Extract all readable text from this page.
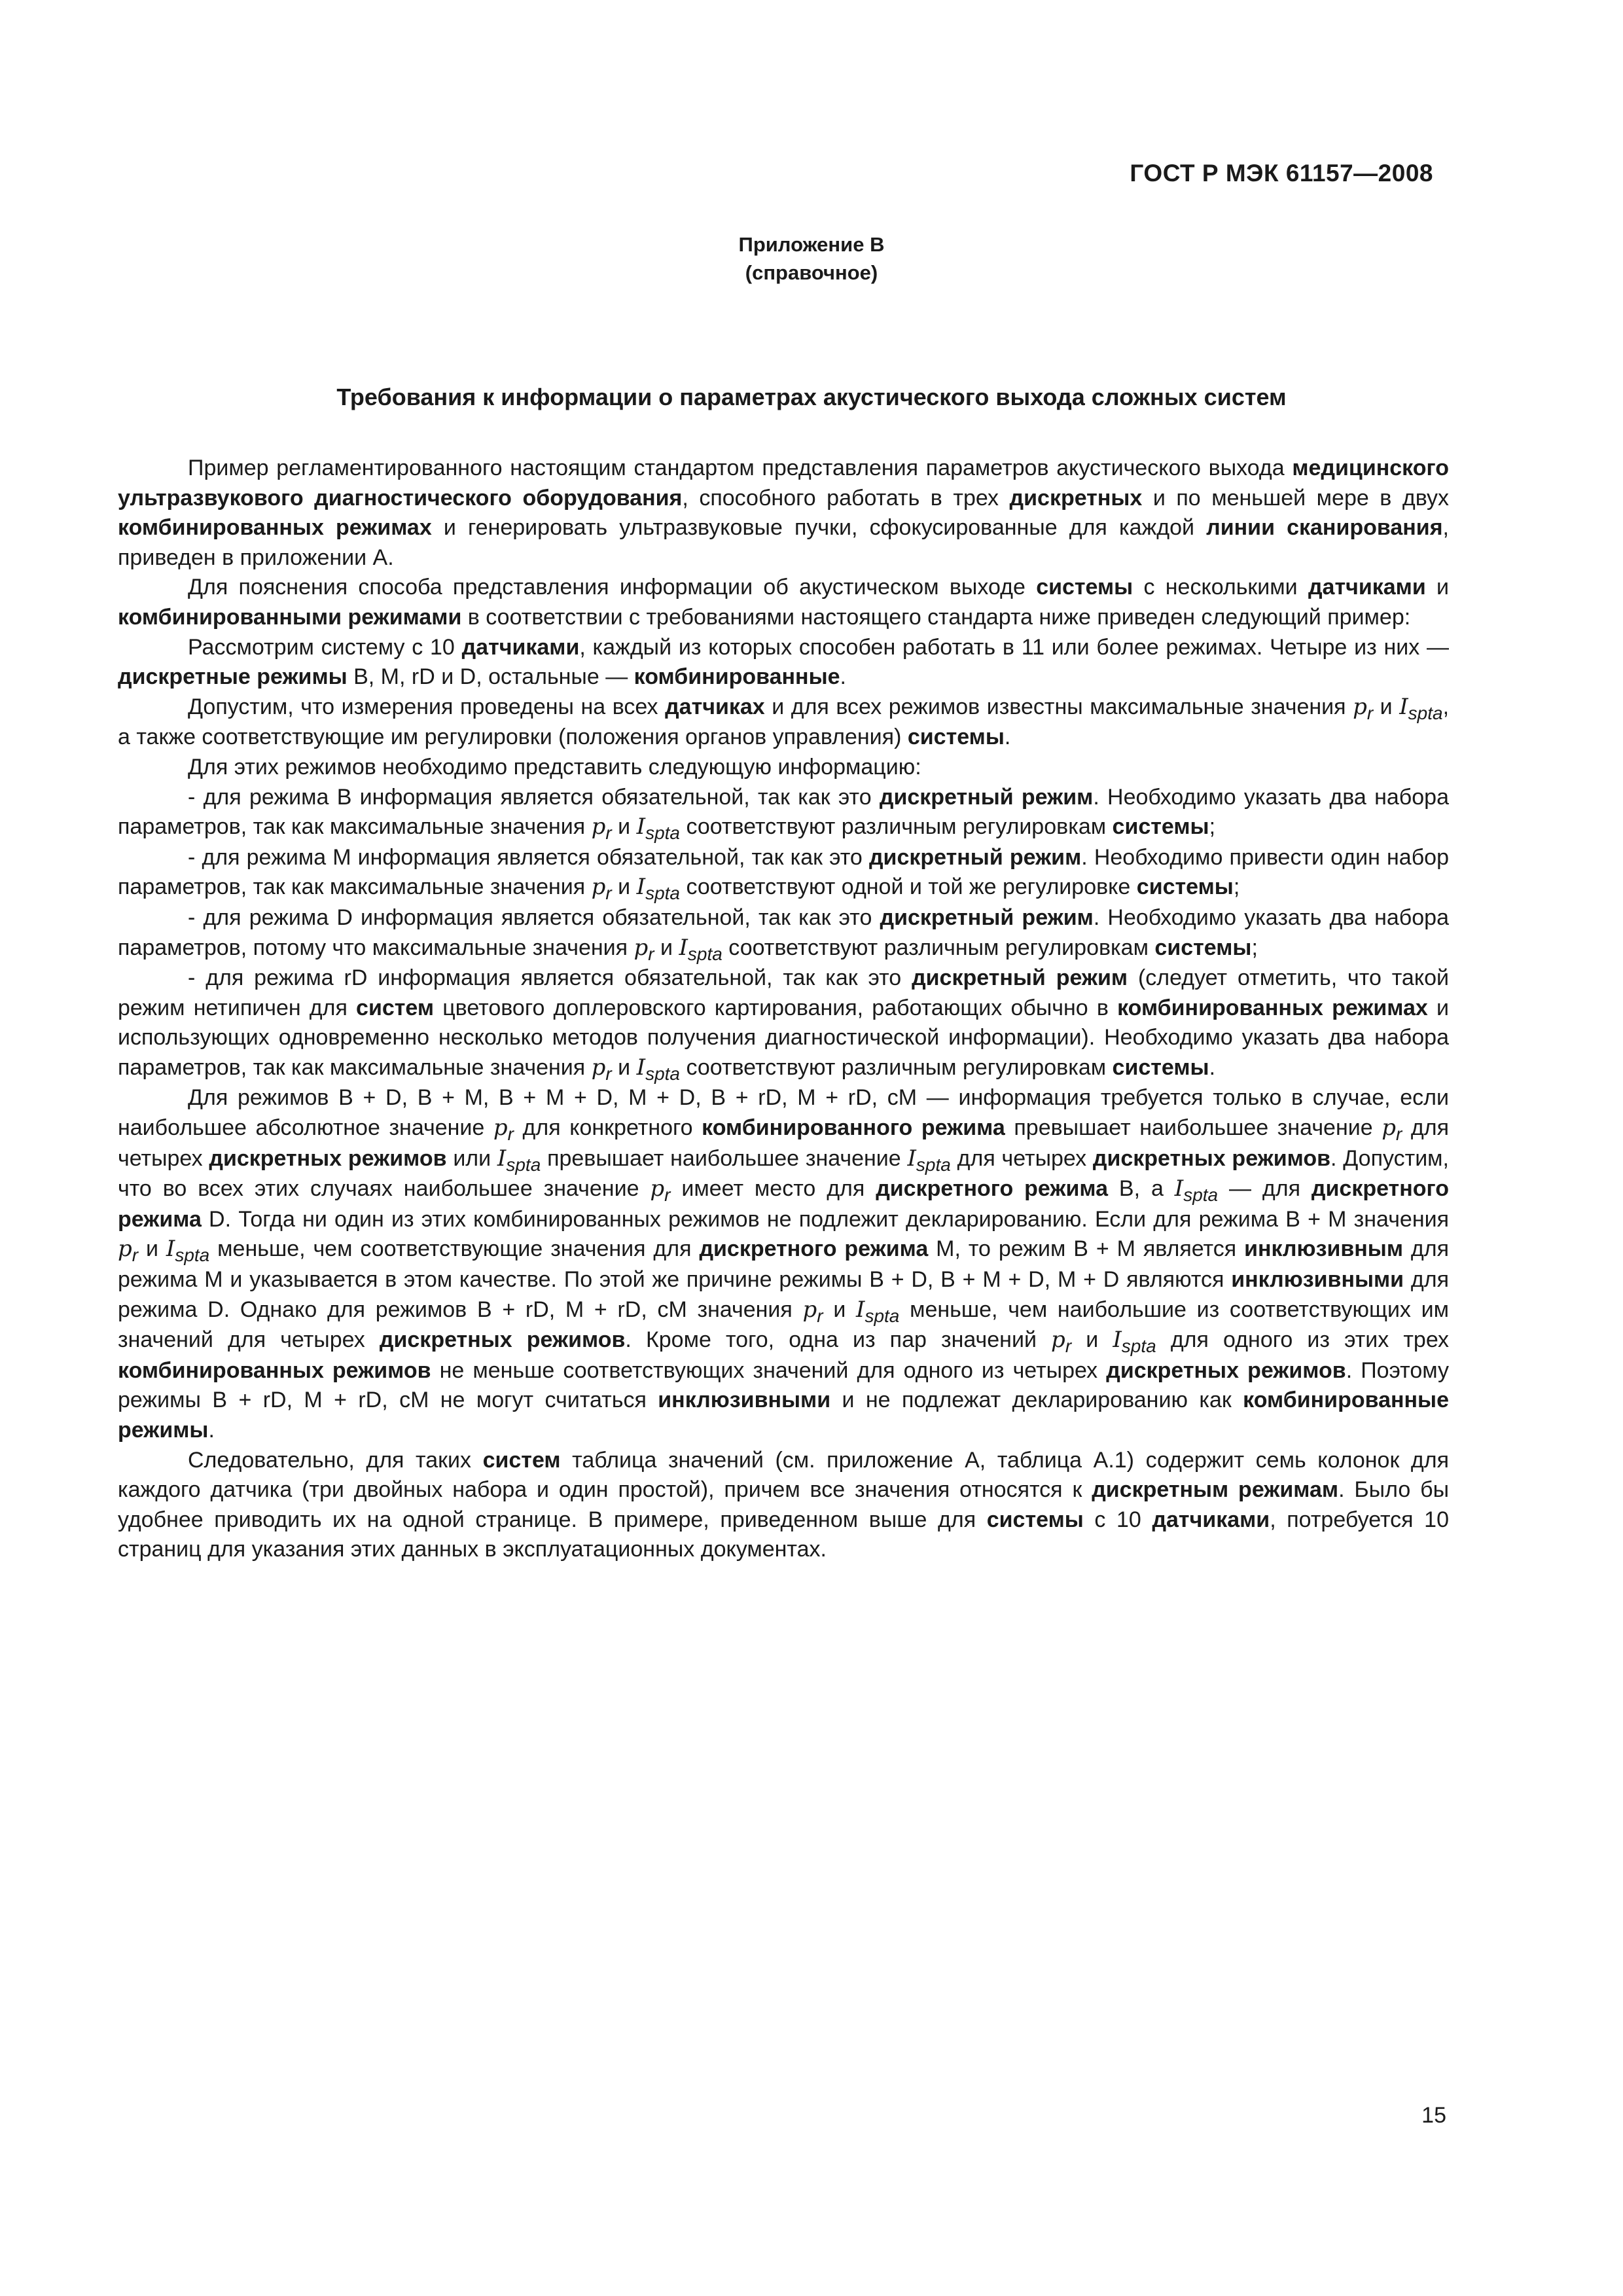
ГОСТ Р МЭК 61157—2008
Приложение В
(справочное)
Требования к информации о параметрах акустического выхода сложных систем

Пример регламентированного настоящим стандартом представления параметров акустического выхода медицинского ультразвукового диагностического оборудования, способного работать в трех дискретных и по меньшей мере в двух комбинированных режимах и генерировать ультразвуковые пучки, сфокусированные для каждой линии сканирования, приведен в приложении А.

Для пояснения способа представления информации об акустическом выходе системы с несколькими датчиками и комбинированными режимами в соответствии с требованиями настоящего стандарта ниже приведен следующий пример:

Рассмотрим систему с 10 датчиками, каждый из которых способен работать в 11 или более режимах. Четыре из них — дискретные режимы В, М, rD и D, остальные — комбинированные.

Допустим, что измерения проведены на всех датчиках и для всех режимов известны максимальные значения $p_r$ и $I_{spta}$, а также соответствующие им регулировки (положения органов управления) системы.

Для этих режимов необходимо представить следующую информацию:

- для режима В информация является обязательной, так как это дискретный режим. Необходимо указать два набора параметров, так как максимальные значения $p_r$ и $I_{spta}$ соответствуют различным регулировкам системы;

- для режима М информация является обязательной, так как это дискретный режим. Необходимо привести один набор параметров, так как максимальные значения $p_r$ и $I_{spta}$ соответствуют одной и той же регулировке системы;

- для режима D информация является обязательной, так как это дискретный режим. Необходимо указать два набора параметров, потому что максимальные значения $p_r$ и $I_{spta}$ соответствуют различным регулировкам системы;

- для режима rD информация является обязательной, так как это дискретный режим (следует отметить, что такой режим нетипичен для систем цветового доплеровского картирования, работающих обычно в комбинированных режимах и использующих одновременно несколько методов получения диагностической информации). Необходимо указать два набора параметров, так как максимальные значения $p_r$ и $I_{spta}$ соответствуют различным регулировкам системы.

Для режимов В + D, В + М, В + М + D, М + D, В + rD, М + rD, сМ — информация требуется только в случае, если наибольшее абсолютное значение $p_r$ для конкретного комбинированного режима превышает наибольшее значение $p_r$ для четырех дискретных режимов или $I_{spta}$ превышает наибольшее значение $I_{spta}$ для четырех дискретных режимов. Допустим, что во всех этих случаях наибольшее значение $p_r$ имеет место для дискретного режима В, а $I_{spta}$ — для дискретного режима D. Тогда ни один из этих комбинированных режимов не подлежит декларированию. Если для режима В + М значения $p_r$ и $I_{spta}$ меньше, чем соответствующие значения для дискретного режима М, то режим В + М является инклюзивным для режима М и указывается в этом качестве. По этой же причине режимы В + D, В + М + D, М + D являются инклюзивными для режима D. Однако для режимов В + rD, М + rD, сМ значения $p_r$ и $I_{spta}$ меньше, чем наибольшие из соответствующих им значений для четырех дискретных режимов. Кроме того, одна из пар значений $p_r$ и $I_{spta}$ для одного из этих трех комбинированных режимов не меньше соответствующих значений для одного из четырех дискретных режимов. Поэтому режимы В + rD, М + rD, сМ не могут считаться инклюзивными и не подлежат декларированию как комбинированные режимы.

Следовательно, для таких систем таблица значений (см. приложение А, таблица А.1) содержит семь колонок для каждого датчика (три двойных набора и один простой), причем все значения относятся к дискретным режимам. Было бы удобнее приводить их на одной странице. В примере, приведенном выше для системы с 10 датчиками, потребуется 10 страниц для указания этих данных в эксплуатационных документах.

15
